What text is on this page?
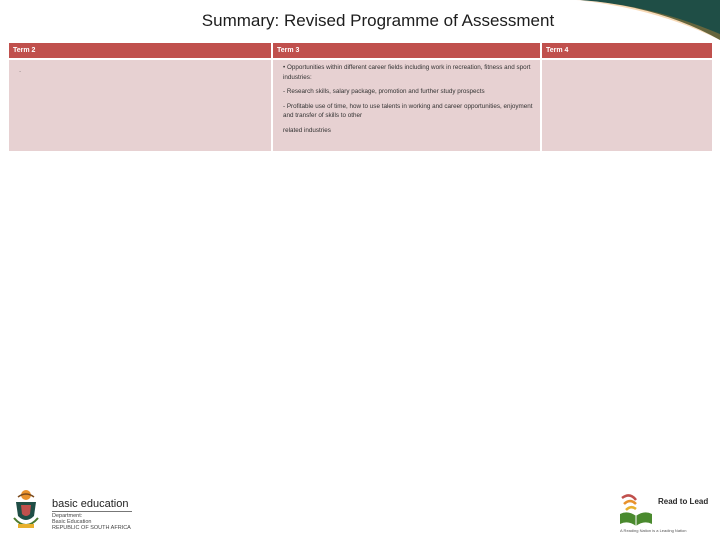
Summary: Revised Programme of Assessment
Term 2	Term 3	Term 4

·	• Opportunities within different career fields including work in recreation, fitness and sport industries:

- Research skills, salary package, promotion and further study prospects

- Profitable use of time, how to use talents in working and career opportunities, enjoyment and transfer of skills to other

related industries	

basic education
Department:
Basic Education
REPUBLIC OF SOUTH AFRICA
Read to Lead
A Reading Nation is a Leading Nation
